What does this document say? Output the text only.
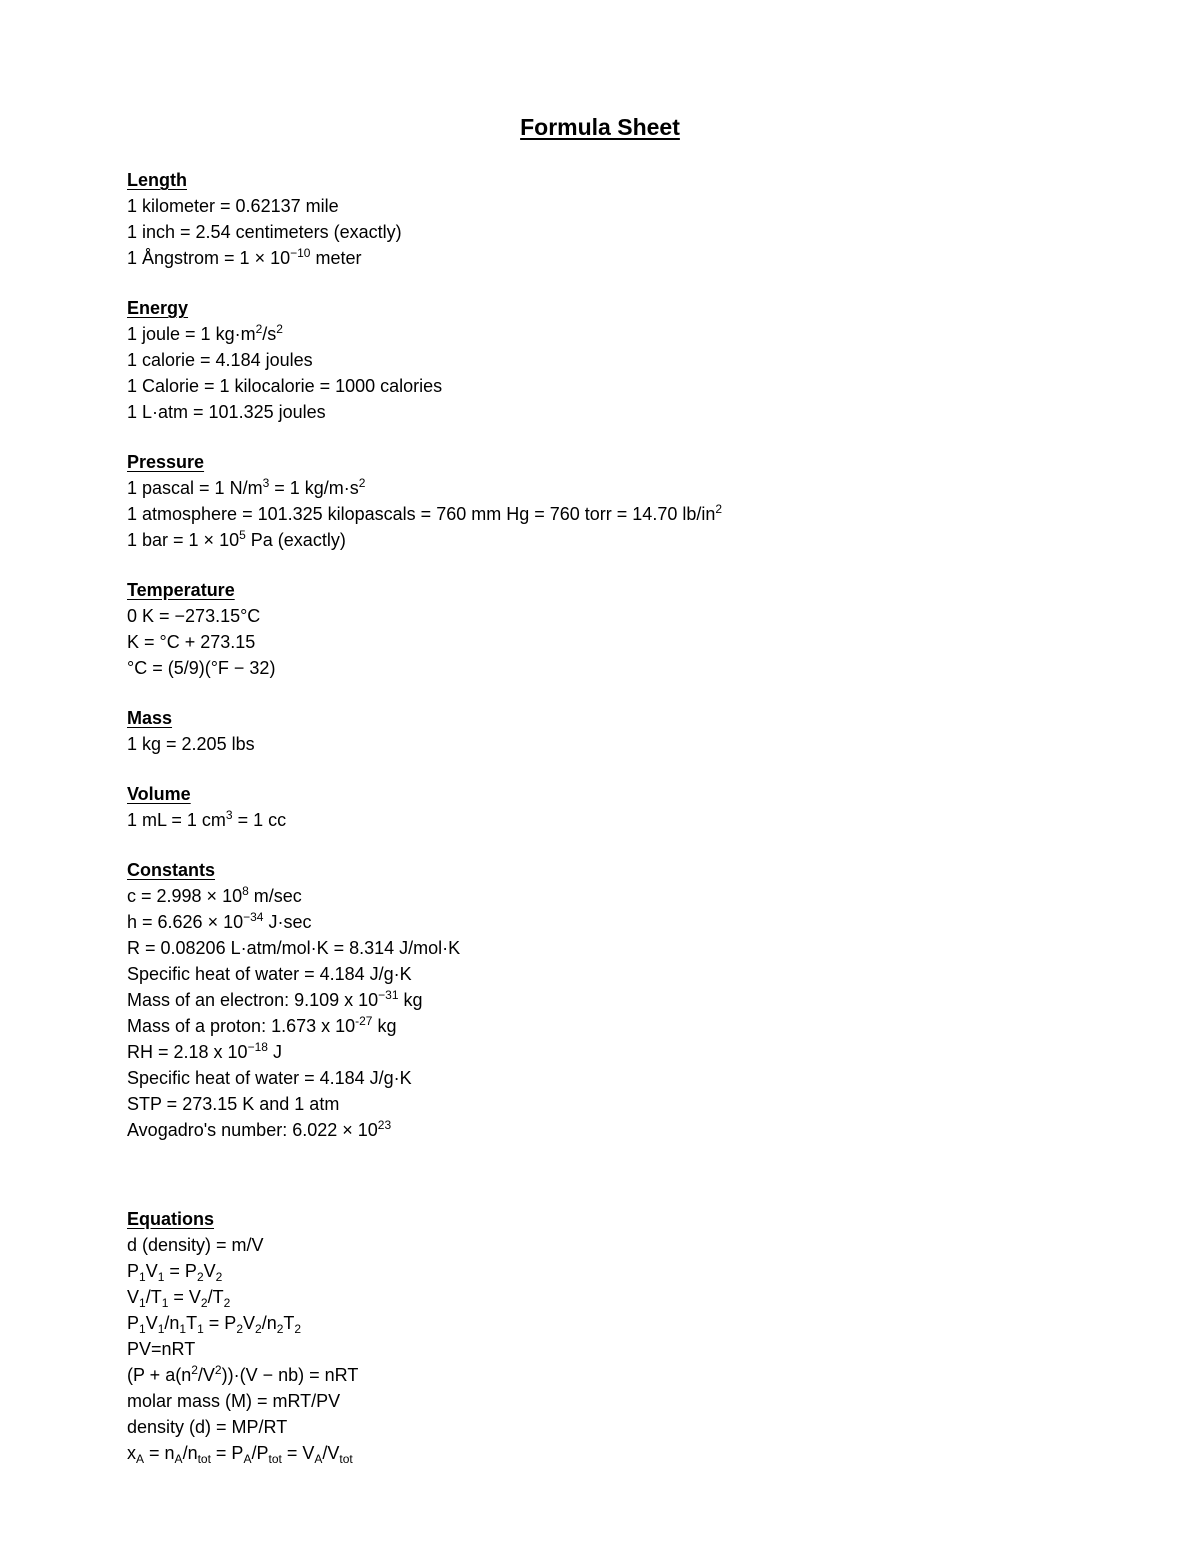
Formula Sheet
Length
1 kilometer = 0.62137 mile
1 inch = 2.54 centimeters (exactly)
1 Ångstrom = $1 \times 10^{-10}$ meter
Energy
1 joule = 1 $kg\cdot m^2/s^2$
1 calorie = 4.184 joules
1 Calorie = 1 kilocalorie = 1000 calories
1 L·atm = 101.325 joules
Pressure
1 pascal = 1 $N/m^3 = 1$ $kg/m\cdot s^2$
1 atmosphere = 101.325 kilopascals = 760 mm Hg = 760 torr = 14.70 $lb/in^2$
1 bar = $1 \times 10^5$ Pa (exactly)
Temperature
0 K = −273.15°C
K = °C + 273.15
°C = (5/9)(°F − 32)
Mass
1 kg = 2.205 lbs
Volume
1 mL = 1 $cm^3 = 1$ cc
Constants
$c = 2.998 \times 10^8$ m/sec
$h = 6.626 \times 10^{-34}$ J·sec
R = 0.08206 L·atm/mol·K = 8.314 J/mol·K
Specific heat of water = 4.184 J/g·K
Mass of an electron: 9.109 x $10^{-31}$ kg
Mass of a proton: 1.673 x $10^{-27}$ kg
RH = 2.18 x $10^{-18}$ J
Specific heat of water = 4.184 J/g·K
STP = 273.15 K and 1 atm
Avogadro's number: $6.022 \times 10^{23}$
Equations
d (density) = m/V
$P_1V_1 = P_2V_2$
$V_1/T_1 = V_2/T_2$
$P_1V_1/n_1T_1 = P_2V_2/n_2T_2$
PV=nRT
$(P + a(n^2/V^2))\cdot(V - nb)$ = nRT
molar mass (M) = mRT/PV
density (d) = MP/RT
$x_A = n_A/n_{tot} = P_A/P_{tot} = V_A/V_{tot}$
